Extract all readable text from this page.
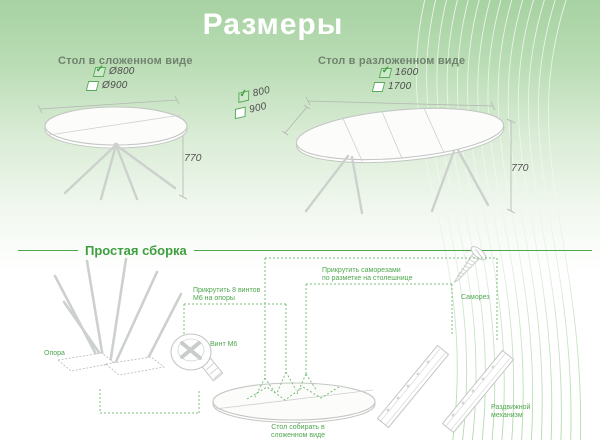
Размеры
Стол в сложенном виде
✓
Ø800
Ø900
770
Стол в разложенном виде
✓
1600
1700
✓
800
900
770
Простая сборка
Опора
Винт М6
Прикрутить 8 винтов
М6 на опоры
Прикрутить саморезами
по разметке на столешнице
Стол собирать в
сложенном виде
Саморез
Раздвижной
механизм
